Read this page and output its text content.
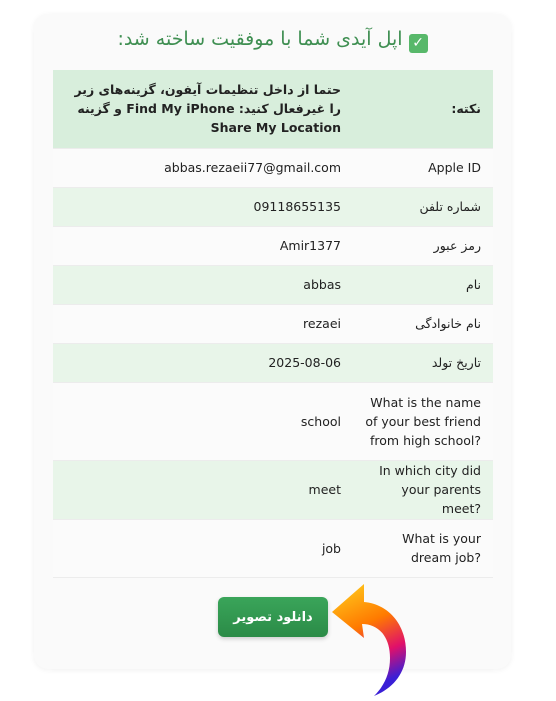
✓اپل آیدی شما با موفقیت ساخته شد:
نکته:	حتما از داخل تنظیمات آیفون، گزینه‌های زیر را غیرفعال کنید: Find My iPhone و گزینه Share My Location
Apple ID	abbas.rezaeii77@gmail.com
شماره تلفن	09118655135
رمز عبور	Amir1377
نام	abbas
نام خانوادگی	rezaei
تاریخ تولد	2025-08-06

What is the name of your best friend from high school?	school

In which city did your parents meet?	meet

What is your dream job?	job
دانلود تصویر
